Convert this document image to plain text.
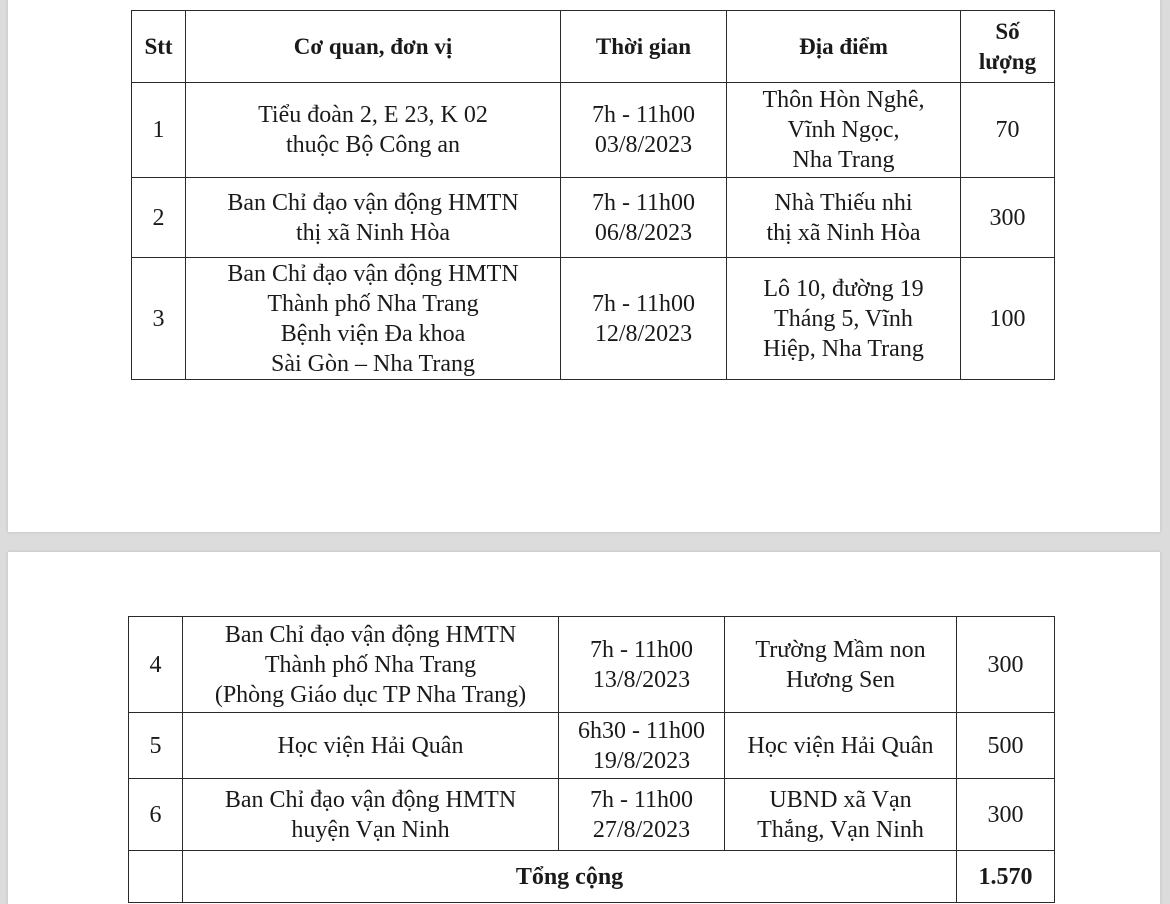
Stt	Cơ quan, đơn vị	Thời gian	Địa điểm	Số
lượng
1	Tiểu đoàn 2, E 23, K 02
thuộc Bộ Công an	7h - 11h00
03/8/2023	Thôn Hòn Nghê,
Vĩnh Ngọc,
Nha Trang	70
2	Ban Chỉ đạo vận động HMTN
thị xã Ninh Hòa	7h - 11h00
06/8/2023	Nhà Thiếu nhi
thị xã Ninh Hòa	300
3	Ban Chỉ đạo vận động HMTN
Thành phố Nha Trang
Bệnh viện Đa khoa
Sài Gòn – Nha Trang	7h - 11h00
12/8/2023	Lô 10, đường 19
Tháng 5, Vĩnh
Hiệp, Nha Trang	100
4	Ban Chỉ đạo vận động HMTN
Thành phố Nha Trang
(Phòng Giáo dục TP Nha Trang)	7h - 11h00
13/8/2023	Trường Mầm non
Hương Sen	300
5	Học viện Hải Quân	6h30 - 11h00
19/8/2023	Học viện Hải Quân	500
6	Ban Chỉ đạo vận động HMTN
huyện Vạn Ninh	7h - 11h00
27/8/2023	UBND xã Vạn
Thắng, Vạn Ninh	300
	Tổng cộng			1.570
